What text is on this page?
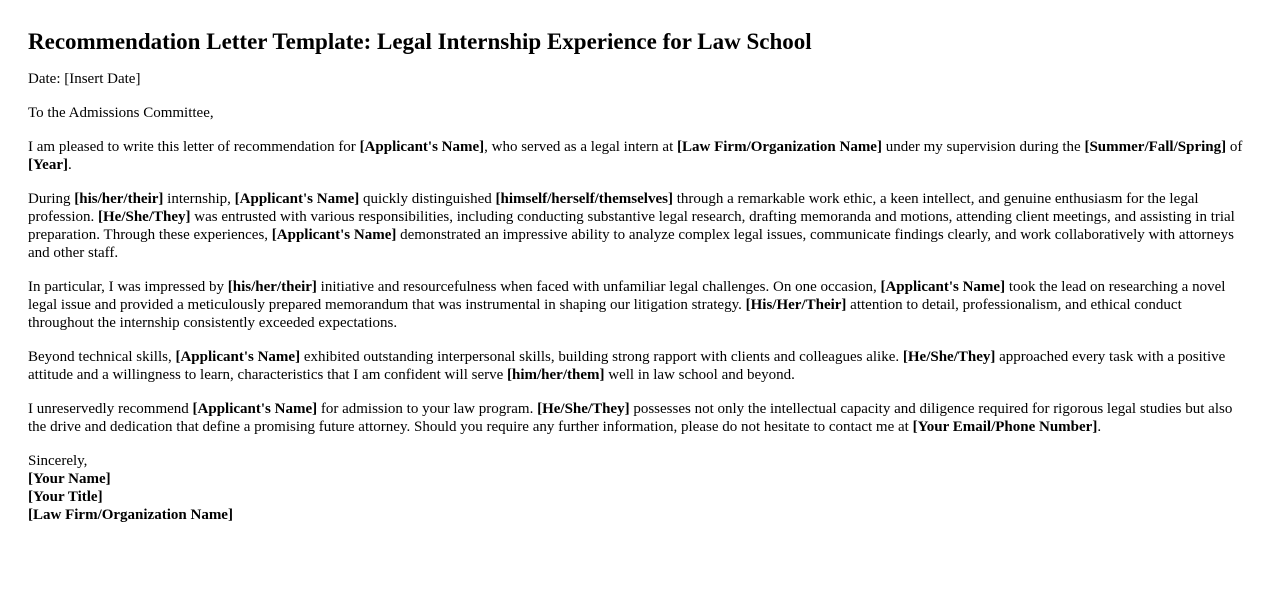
Recommendation Letter Template: Legal Internship Experience for Law School

Date: [Insert Date]

To the Admissions Committee,

I am pleased to write this letter of recommendation for [Applicant's Name], who served as a legal intern at [Law Firm/Organization Name] under my supervision during the [Summer/Fall/Spring] of [Year].

During [his/her/their] internship, [Applicant's Name] quickly distinguished [himself/herself/themselves] through a remarkable work ethic, a keen intellect, and genuine enthusiasm for the legal profession. [He/She/They] was entrusted with various responsibilities, including conducting substantive legal research, drafting memoranda and motions, attending client meetings, and assisting in trial preparation. Through these experiences, [Applicant's Name] demonstrated an impressive ability to analyze complex legal issues, communicate findings clearly, and work collaboratively with attorneys and other staff.

In particular, I was impressed by [his/her/their] initiative and resourcefulness when faced with unfamiliar legal challenges. On one occasion, [Applicant's Name] took the lead on researching a novel legal issue and provided a meticulously prepared memorandum that was instrumental in shaping our litigation strategy. [His/Her/Their] attention to detail, professionalism, and ethical conduct throughout the internship consistently exceeded expectations.

Beyond technical skills, [Applicant's Name] exhibited outstanding interpersonal skills, building strong rapport with clients and colleagues alike. [He/She/They] approached every task with a positive attitude and a willingness to learn, characteristics that I am confident will serve [him/her/them] well in law school and beyond.

I unreservedly recommend [Applicant's Name] for admission to your law program. [He/She/They] possesses not only the intellectual capacity and diligence required for rigorous legal studies but also the drive and dedication that define a promising future attorney. Should you require any further information, please do not hesitate to contact me at [Your Email/Phone Number].

Sincerely,

[Your Name]

[Your Title]

[Law Firm/Organization Name]
